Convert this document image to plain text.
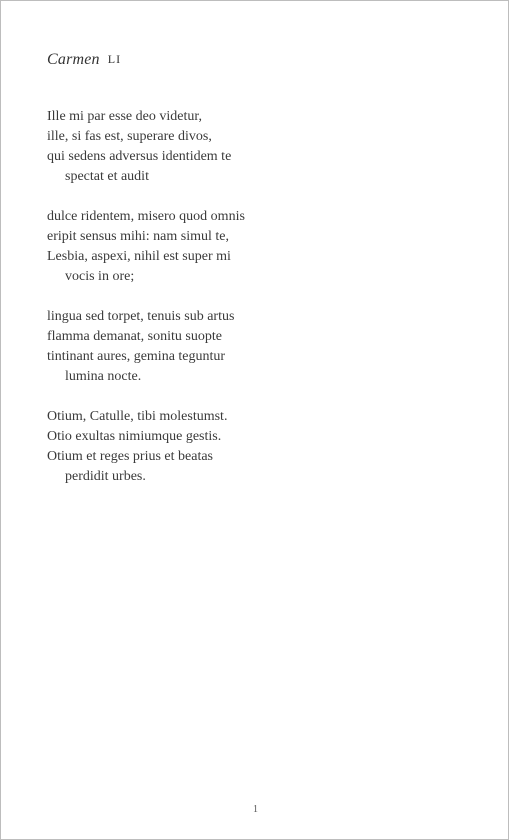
Carmen LI
Ille mi par esse deo videtur,
ille, si fas est, superare divos,
qui sedens adversus identidem te
spectat et audit
dulce ridentem, misero quod omnis
eripit sensus mihi: nam simul te,
Lesbia, aspexi, nihil est super mi
vocis in ore;
lingua sed torpet, tenuis sub artus
flamma demanat, sonitu suopte
tintinant aures, gemina teguntur
lumina nocte.
Otium, Catulle, tibi molestumst.
Otio exultas nimiumque gestis.
Otium et reges prius et beatas
perdidit urbes.
1
